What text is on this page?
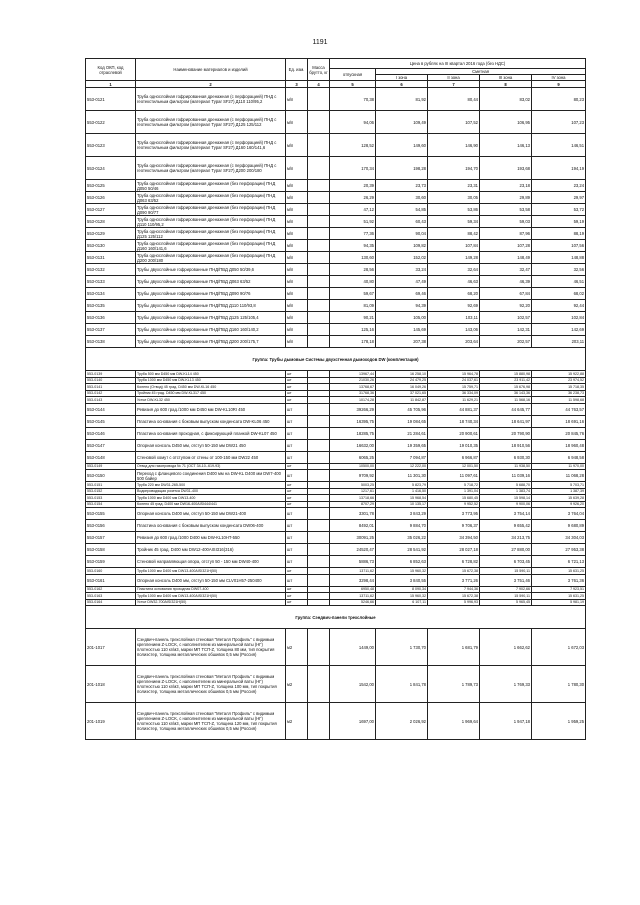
1191
Код ОКП, код отраслевой	Наименование материалов и изделий	Ед. изм.	Масса брутто, кг	Цена в рублях на III квартал 2016 года (без НДС)				
				отпускная	Сметная			
					I зона	II зона	III зона	IV зона
1	2	3	4	5	6	7	8	9
553-0121	Труба однослойная гофрированная дренажная (с перфорацией) ПНД с геотекстильным фильтром (материал Typar SF27) Д110 110/95,2	м/п		70,38	81,92	80,44	83,02	80,23
553-0122	Труба однослойная гофрированная дренажная (с перфорацией) ПНД с геотекстильным фильтром (материал Typar SF27) Д125 125/112	м/п		94,06	109,49	107,52	106,95	107,23
553-0123	Труба однослойная гофрированная дренажная (с перфорацией) ПНД с геотекстильным фильтром (материал Typar SF27) Д160 160/141,6	м/п		128,52	149,60	146,90	146,13	146,51
553-0124	Труба однослойная гофрированная дренажная (с перфорацией) ПНД с геотекстильным фильтром (материал Typar SF27) Д200 200/180	м/п		170,34	198,28	194,70	193,68	194,19
553-0125	Труба однослойная гофрированная дренажная (без перфорации) ПНД Д050 50/46	м/п		20,39	23,73	23,31	23,18	23,24
553-0126	Труба однослойная гофрированная дренажная (без перфорации) ПНД Д063 63/52	м/п		26,29	30,60	30,05	29,89	29,97
553-0127	Труба однослойная гофрированная дренажная (без перфорации) ПНД Д090 90/77	м/п		47,12	54,85	53,86	53,58	53,72
553-0128	Труба однослойная гофрированная дренажная (без перфорации) ПНД Д110 110/95,2	м/п		51,92	60,43	59,34	59,03	59,19
553-0129	Труба однослойная гофрированная дренажная (без перфорации) ПНД Д125 125/112	м/п		77,36	90,04	88,42	87,96	88,19
553-0130	Труба однослойная гофрированная дренажная (без перфорации) ПНД Д160 160/141,6	м/п		94,35	109,82	107,84	107,28	107,56
553-0131	Труба однослойная гофрированная дренажная (без перфорации) ПНД Д200 200/180	м/п		130,60	152,02	149,28	148,49	148,88
553-0132	Трубы двухслойные гофрированные ПНД/ПВД Д050 50/39,6	м/п		28,56	33,24	32,64	32,47	32,56
553-0133	Трубы двухслойные гофрированные ПНД/ПВД Д063 63/52	м/п		40,80	47,49	46,63	46,39	46,51
553-0134	Трубы двухслойные гофрированные ПНД/ПВД Д090 90/76	м/п		59,67	69,46	68,20	67,84	68,02
553-0135	Трубы двухслойные гофрированные ПНД/ПВД Д110 110/93,8	м/п		81,09	94,39	92,69	92,20	92,44
553-0136	Трубы двухслойные гофрированные ПНД/ПВД Д125 125/105,4	м/п		90,21	105,00	103,11	102,57	102,84
553-0137	Трубы двухслойные гофрированные ПНД/ПВД Д160 160/140,2	м/п		125,16	145,69	143,06	142,31	142,69
553-0138	Трубы двухслойные гофрированные ПНД/ПВД Д200 200/175,7	м/п		178,18	207,38	203,64	202,57	203,11
Группа: Трубы дымовые Системы двухстенная дымоходов DW (комплектация)								
553-0139	Труба 500 мм D450 мм DW-KL14 450	шт		13967,44	16 258,10	15 964,78	15 880,98	15 922,88
553-0140	Труба 1000 мм D450 мм DW-KL13 450	шт		21030,26	24 479,25	24 037,61	23 911,42	23 974,52
553-0141	Колено (Отвод) 45 град. D450 мм DW-KL16 450	шт		13768,67	16 049,26	15 759,71	15 676,98	15 718,35
553-0142	Тройник 45 град. D450 мм DW-KL317 450	шт		31768,36	37 021,65	36 334,09	36 143,36	36 238,73
553-0143	Устье DW-KL32 450	шт		10174,28	11 842,87	11 629,21	11 568,16	11 598,68
553-0144	Ревизия до 600 град./1000 мм D450 мм DW-KL10RI 450	шт		39266,29	45 705,96	44 881,37	44 645,77	44 763,57
553-0145	Пластина основания с боковым выпуском конденсата DW-KL06 450	шт		16395,75	19 084,65	18 740,34	18 641,97	18 691,16
553-0146	Пластина основания проходная, с фиксирующей планкой DW-KL07 450	шт		18285,75	21 284,61	20 900,61	20 790,90	20 845,76
553-0147	Опорная консоль D450 мм, отступ 50-150 мм DW21 450	шт		16632,00	19 359,65	19 010,35	18 910,56	18 960,48
553-0148	Стеновой хомут с отступом от стены от 100-150 мм DW22 450	шт		6065,25	7 094,87	6 966,87	6 930,30	6 948,58
553-0149	Отвод для газопровода № 71 (ОСТ 34-10-.619-93)	шт		10500,00	12 222,00	12 001,50	11 938,50	11 970,00
553-0150	Переход с фланцевого соединения D400 мм на DW-KL D400 мм DW7-400 500 байер	шт		9709,92	11 301,30	11 097,61	11 039,16	11 068,28
553-0151	Труба 220 мм DW31-265-500	шт		5003,25	5 823,79	5 718,72	5 688,70	5 703,71
553-0152	Водопроводящая розетка DW31-400	шт		1217,61	1 416,50	1 391,04	1 383,74	1 387,39
553-0153	Труба 1000 мм D400 мм DW13-400	шт		13718,66	15 968,54	15 680,45	15 598,14	15 639,28
553-0154	Колено 45 град. D400 мм DW16-400AISI444/441	шт		8707,29	10 135,17	9 952,52	9 900,06	9 926,20
553-0155	Опорная консоль D400 мм, отступ 50-150 мм DW21-400	шт		3301,78	3 843,29	3 773,95	3 754,14	3 764,04
553-0156	Пластина основания с боковым выпуском конденсата DW06-400	шт		8492,01	9 884,70	9 706,37	9 655,42	9 680,89
553-0157	Ревизия до 600 град./1000 D400 мм DW-KL10HT-550	шт		30091,25	35 026,22	34 394,50	34 213,75	34 304,03
553-0158	Тройник 45 град. D400 мм DW12-400AISI316(316)	шт		24520,47	28 541,92	28 027,18	27 880,00	27 953,38
553-0159	Стеновой направляющая опора, отступ 50 - 150 мм DW40-400	шт		5886,73	6 852,63	6 728,82	6 703,45	6 721,13
553-0160	Труба 1000 мм D400 мм DW13-400AISI321H(50)	шт		13711,62	15 960,32	15 672,38	15 590,11	15 631,25
553-0161	Опорная консоль D400 мм, отступ 50-150 мм CLV01H57-250400	шт		3298,44	3 840,55	3 771,26	3 751,46	3 761,36
553-0162	Пластина основания проходная DW07-400	шт		6950,48	8 090,34	7 944,36	7 902,66	7 923,51
553-0163	Труба 1000 мм D400 мм DW13-400AISI321H(50)	шт		13711,62	15 960,32	15 672,38	15 590,11	15 631,25
553-0164	Устье DW32-700AISI321H(50)	шт		5246,66	6 107,11	5 996,93	5 965,45	5 981,19
Группа: Сэндвич-панели трехслойные								
201-1017	Сэндвич-панель трехслойная стеновая "Металл Профиль" с видимым креплением Z-LOCK, с наполнителем из минеральной ваты (НГ) плотностью 110 кг/м3, марки МП ТСП-Z, толщина 80 мм, тип покрытия полиэстер, толщина металлических обшивок 0,5 мм (Россия)	м2		1449,00	1 730,70	1 681,79	1 662,62	1 672,03
201-1018	Сэндвич-панель трехслойная стеновая "Металл Профиль" с видимым креплением Z-LOCK, с наполнителем из минеральной ваты (НГ) плотностью 110 кг/м3, марки МП ТСП-Z, толщина 100 мм, тип покрытия полиэстер, толщина металлических обшивок 0,5 мм (Россия)	м2		1542,00	1 841,78	1 789,73	1 769,33	1 780,30
201-1019	Сэндвич-панель трехслойная стеновая "Металл Профиль" с видимым креплением Z-LOCK, с наполнителем из минеральной ваты (НГ) плотностью 110 кг/м3, марки МП ТСП-Z, толщина 120 мм, тип покрытия полиэстер, толщина металлических обшивок 0,5 мм (Россия)	м2		1697,00	2 026,92	1 969,64	1 947,18	1 959,25
